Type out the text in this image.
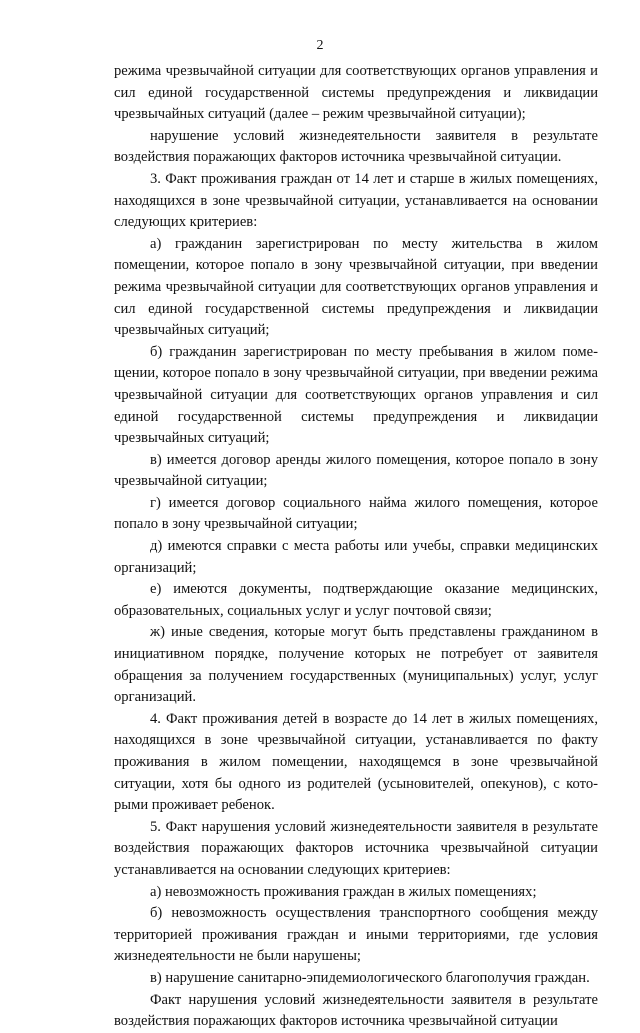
2

режима чрезвычайной ситуации для соответствующих органов управления и сил единой государственной системы предупреждения и ликвидации чрезвычайных ситуаций (далее – режим чрезвычайной ситуации);

нарушение условий жизнедеятельности заявителя в результате воздействия поражающих факторов источника чрезвычайной ситуации.

3. Факт проживания граждан от 14 лет и старше в жилых помещениях, находящихся в зоне чрезвычайной ситуации, устанавливается на основании следующих критериев:

а) гражданин зарегистрирован по месту жительства в жилом помещении, которое попало в зону чрезвычайной ситуации, при введении режима чрезвычайной ситуации для соответствующих органов управления и сил единой государственной системы предупреждения и ликвидации чрезвычайных ситуаций;

б) гражданин зарегистрирован по месту пребывания в жилом помещении, которое попало в зону чрезвычайной ситуации, при введении режима чрезвычайной ситуации для соответствующих органов управления и сил единой государственной системы предупреждения и ликвидации чрезвычайных ситуаций;

в) имеется договор аренды жилого помещения, которое попало в зону чрезвычайной ситуации;

г) имеется договор социального найма жилого помещения, которое попало в зону чрезвычайной ситуации;

д) имеются справки с места работы или учебы, справки медицинских организаций;

е) имеются документы, подтверждающие оказание медицинских, образовательных, социальных услуг и услуг почтовой связи;

ж) иные сведения, которые могут быть представлены гражданином в инициативном порядке, получение которых не потребует от заявителя обращения за получением государственных (муниципальных) услуг, услуг организаций.

4. Факт проживания детей в возрасте до 14 лет в жилых помещениях, находящихся в зоне чрезвычайной ситуации, устанавливается по факту проживания в жилом помещении, находящемся в зоне чрезвычайной ситуации, хотя бы одного из родителей (усыновителей, опекунов), с которыми проживает ребенок.

5. Факт нарушения условий жизнедеятельности заявителя в результате воздействия поражающих факторов источника чрезвычайной ситуации устанавливается на основании следующих критериев:

а) невозможность проживания граждан в жилых помещениях;

б) невозможность осуществления транспортного сообщения между территорией проживания граждан и иными территориями, где условия жизнедеятельности не были нарушены;

в) нарушение санитарно-эпидемиологического благополучия граждан.

Факт нарушения условий жизнедеятельности заявителя в результате воздействия поражающих факторов источника чрезвычайной ситуации
